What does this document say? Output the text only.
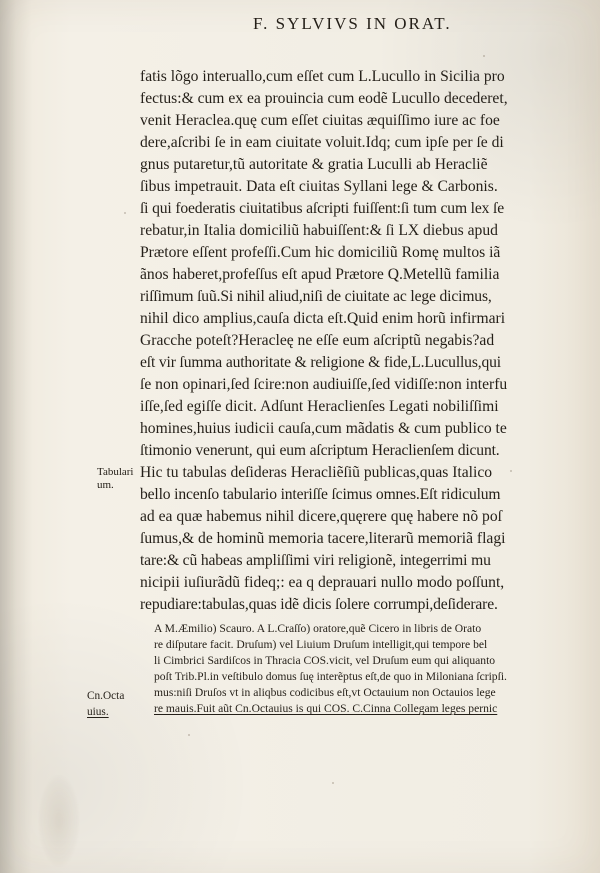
F. SYLVIVS IN ORAT.
fatis lõgo interuallo,cum eſſet cum L.Lucullo in Sicilia pro
fectus:& cum ex ea prouincia cum eodẽ Lucullo decederet,
venit Heraclea.quę cum eſſet ciuitas æquiſſimo iure ac foe
dere,aſcribi ſe in eam ciuitate voluit.Idq; cum ipſe per ſe di
gnus putaretur,tũ autoritate & gratia Luculli ab Heracliẽ
ſibus impetrauit. Data eſt ciuitas Syllani lege & Carbonis.
ſi qui foederatis ciuitatibus aſcripti fuiſſent:ſi tum cum lex ſe
rebatur,in Italia domiciliũ habuiſſent:& ſi LX diebus apud
Prætore eſſent profeſſi.Cum hic domiciliũ Romę multos iã
ãnos haberet,profeſſus eſt apud Prætore Q.Metellũ familia
riſſimum ſuũ.Si nihil aliud,niſi de ciuitate ac lege dicimus,
nihil dico amplius,cauſa dicta eſt.Quid enim horũ infirmari
Gracche poteſt?Heracleę ne eſſe eum aſcriptũ negabis?ad
eſt vir ſumma authoritate & religione & fide,L.Lucullus,qui
ſe non opinari,ſed ſcire:non audiuiſſe,ſed vidiſſe:non interfu
iſſe,ſed egiſſe dicit. Adſunt Heraclienſes Legati nobiliſſimi
homines,huius iudicii cauſa,cum mãdatis & cum publico te
ſtimonio venerunt, qui eum aſcriptum Heraclienſem dicunt.
Hic tu tabulas deſideras Heracliẽſiũ publicas,quas Italico
bello incenſo tabulario interiſſe ſcimus omnes.Eſt ridiculum
ad ea quæ habemus nihil dicere,quęrere quę habere nõ poſ
ſumus,& de hominũ memoria tacere,literarũ memoriã flagi
tare:& cũ habeas ampliſſimi viri religionẽ, integerrimi mu
nicipii iuſiurãdũ fideq;: ea q deprauari nullo modo poſſunt,
repudiare:tabulas,quas idẽ dicis ſolere corrumpi,deſiderare.
Tabulari
um.
A M.Æmilio) Scauro. A L.Craſſo) oratore,quẽ Cicero in libris de Orato
re diſputare facit. Druſum) vel Liuium Druſum intelligit,qui tempore bel
li Cimbrici Sardiſcos in Thracia COS.vicit, vel Druſum eum qui aliquanto
poſt Trib.Pl.in veſtibulo domus ſuę interẽptus eſt,de quo in Miloniana ſcripſi.
mus:niſi Druſos vt in aliqbus codicibus eſt,vt Octauium non Octauios lege
re mauis.Fuit aũt Cn.Octauius is qui COS. C.Cinna Collegam leges pernic
Cn.Octa
uius.
